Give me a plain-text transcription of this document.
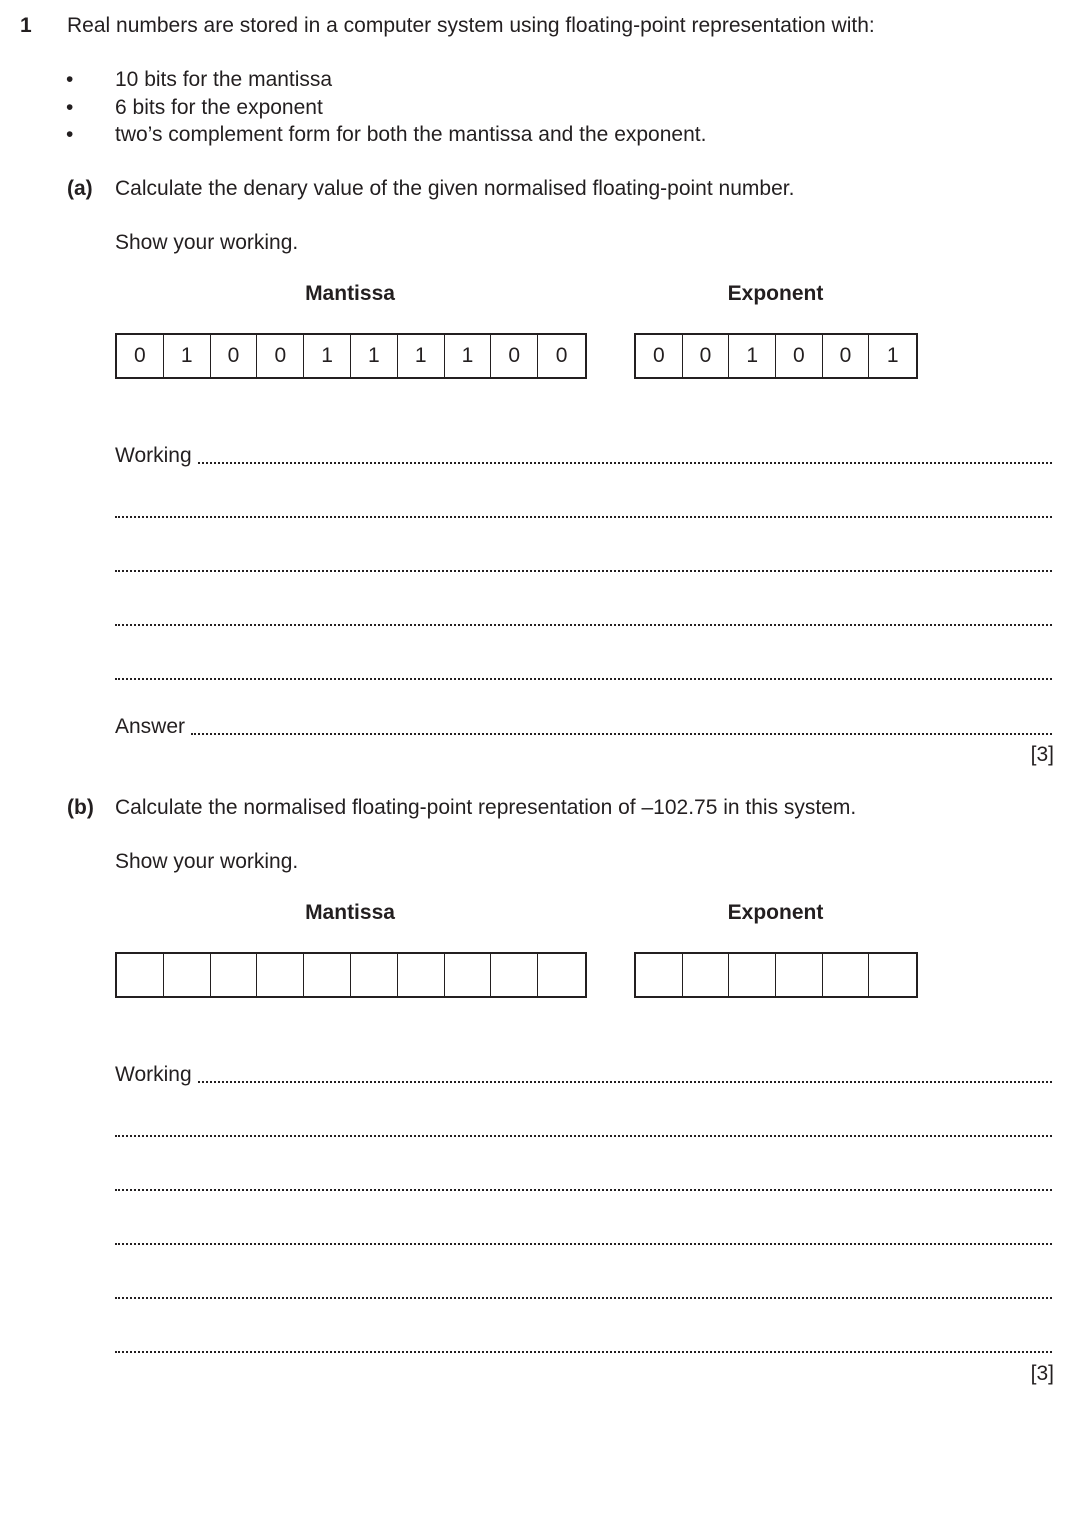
1 Real numbers are stored in a computer system using floating-point representation with:
• 10 bits for the mantissa
• 6 bits for the exponent
• two’s complement form for both the mantissa and the exponent.
(a) Calculate the denary value of the given normalised floating-point number.
Show your working.
Mantissa	Exponent
0	1	0	0	1	1	1	1	0	0	0	0	1	0	0	1
Working
Answer
[3]
(b) Calculate the normalised floating-point representation of –102.75 in this system.
Show your working.
Mantissa	Exponent
Working
[3]
